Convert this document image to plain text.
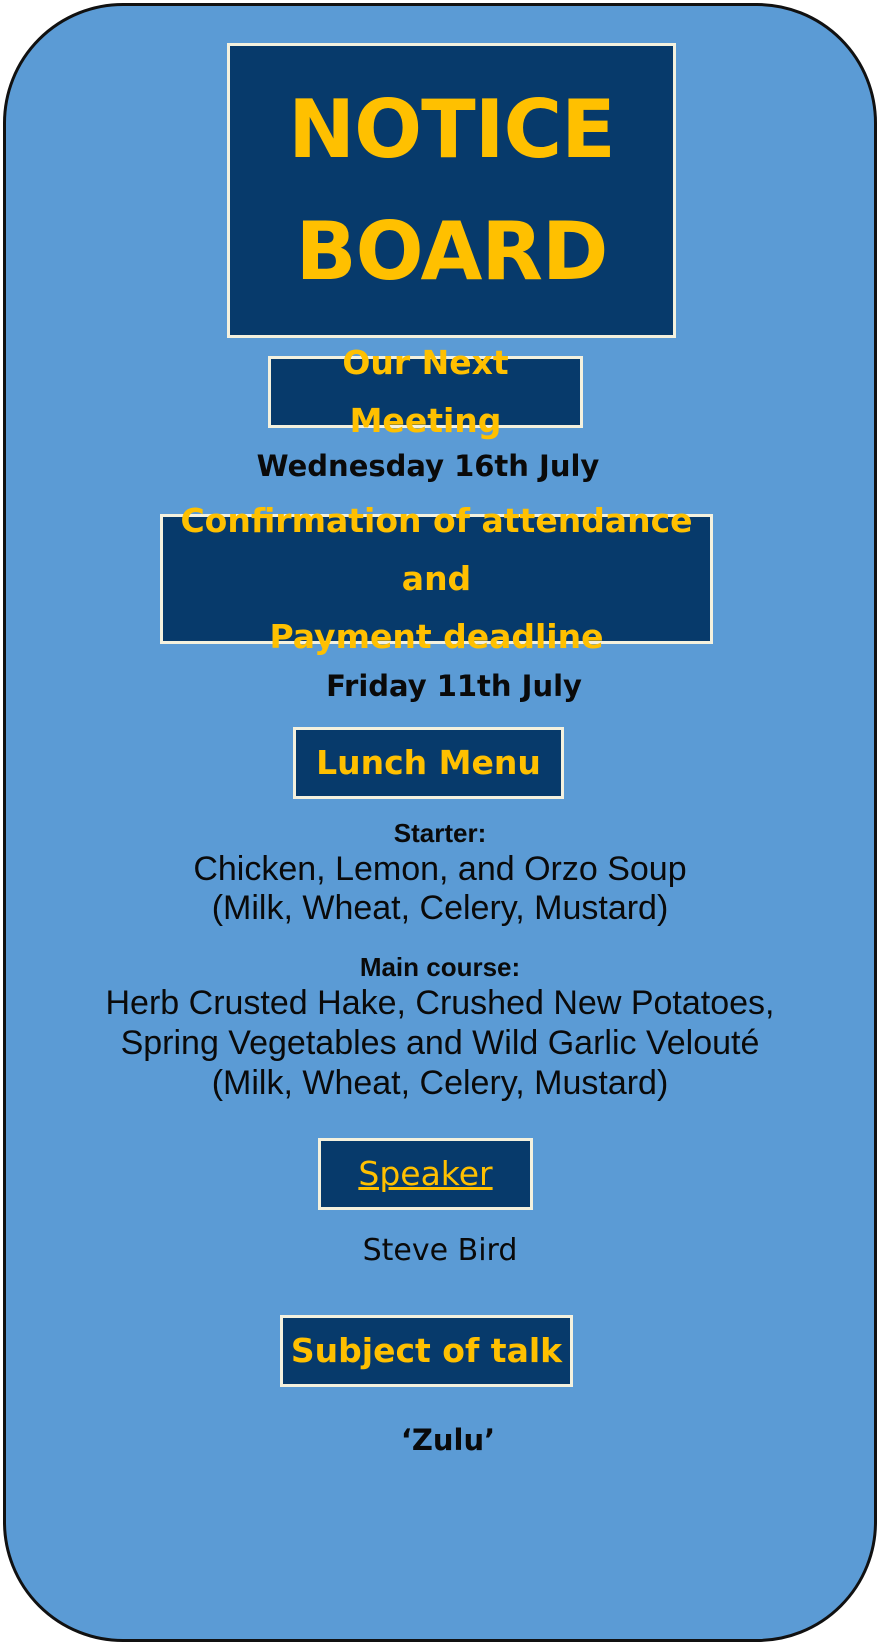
NOTICE
BOARD
Our Next Meeting
Wednesday 16th July
Confirmation of attendance and
Payment deadline
Friday 11th July
Lunch Menu
Starter:
Chicken, Lemon, and Orzo Soup
(Milk, Wheat, Celery, Mustard)
Main course:
Herb Crusted Hake, Crushed New Potatoes,
Spring Vegetables and Wild Garlic Velouté
(Milk, Wheat, Celery, Mustard)
Speaker
Steve Bird
Subject of talk
‘Zulu’
